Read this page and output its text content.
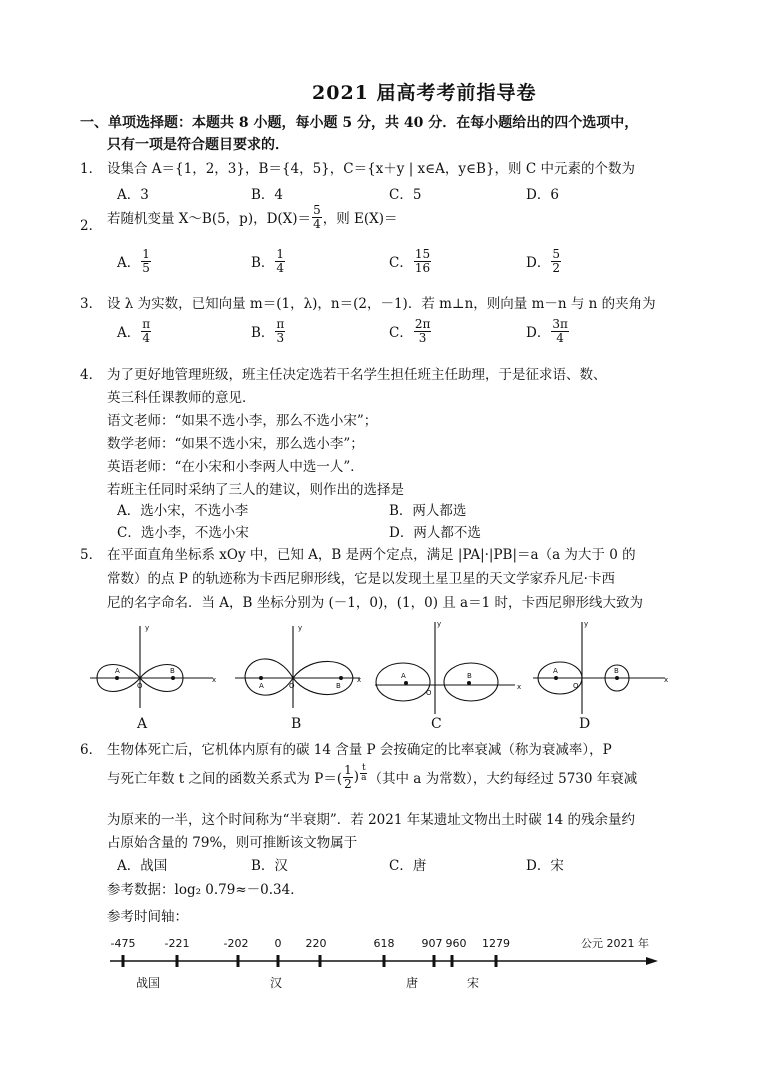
2021 届高考考前指导卷
一、单项选择题：本题共 8 小题，每小题 5 分，共 40 分．在每小题给出的四个选项中，
只有一项是符合题目要求的．
1． 设集合 A＝{1，2，3}，B＝{4，5}，C＝{x＋y | x∈A，y∈B}，则 C 中元素的个数为
A．3	B．4	C．5	D．6
2． 若随机变量 X～B(5，p)，$D(X)= \frac{5}{4}$ ，则 E(X)＝
A． $\frac{1}{5}$	B． $\frac{1}{4}$	C． $\frac{15}{16}$	D． $\frac{5}{2}$
3． 设 λ 为实数，已知向量 m＝(1，λ)，n＝(2，－1)．若 m⊥n，则向量 m－n 与 n 的夹角为
A． $\frac{\pi}{4}$	B． $\frac{\pi}{3}$	C． $\frac{2\pi}{3}$	D． $\frac{3\pi}{4}$
4． 为了更好地管理班级，班主任决定选若干名学生担任班主任助理，于是征求语、数、
英三科任课教师的意见．
语文老师：“如果不选小李，那么不选小宋”；
数学老师：“如果不选小宋，那么选小李”；
英语老师：“在小宋和小李两人中选一人”．
若班主任同时采纳了三人的建议，则作出的选择是
A．选小宋，不选小李	B．两人都选
C．选小李，不选小宋	D．两人都不选
5． 在平面直角坐标系 xOy 中，已知 A，B 是两个定点，满足 |PA|·|PB|＝a（a 为大于 0 的
常数）的点 P 的轨迹称为卡西尼卵形线，它是以发现土星卫星的天文学家乔凡尼·卡西
尼的名字命名．当 A，B 坐标分别为 (－1，0)，(1，0) 且 a＝1 时，卡西尼卵形线大致为
y
x
y
x
y
x
y
x
O	O
O
O
A	B
A	B
A	B
A	B
A	B	C	D
6． 生物体死亡后，它机体内原有的碳 14 含量 P 会按确定的比率衰减（称为衰减率），P
与死亡年数 t 之间的函数关系式为 $P=( \frac{1}{2}$ ) $\frac{t}{a}$ （其中 a 为常数），大约每经过 5730 年衰减
为原来的一半，这个时间称为“半衰期”．若 2021 年某遗址文物出土时碳 14 的残余量约
占原始含量的 79%，则可推断该文物属于
A．战国	B．汉	C．唐	D．宋
参考数据：log₂ 0.79≈－0.34．
参考时间轴：
-475	-221	-202 0 220	618 907 960 1279	公元 2021 年
战国	汉	唐	宋
